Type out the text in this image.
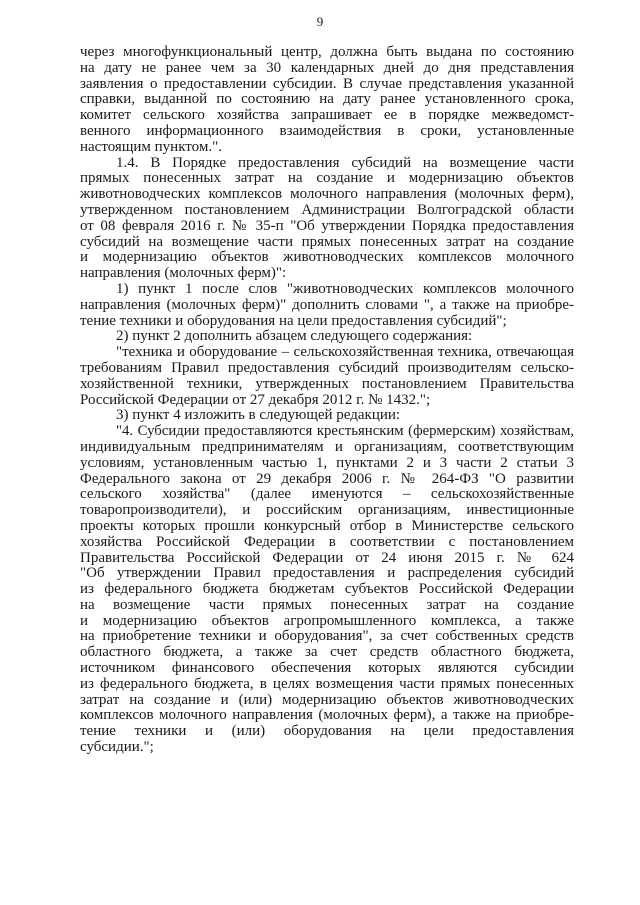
9
через многофункциональный центр, должна быть выдана по состоянию
на дату не ранее чем за 30 календарных дней до дня представления
заявления о предоставлении субсидии. В случае представления указанной
справки, выданной по состоянию на дату ранее установленного срока,
комитет сельского хозяйства запрашивает ее в порядке межведомст-
венного информационного взаимодействия в сроки, установленные
настоящим пунктом.".
1.4. В Порядке предоставления субсидий на возмещение части
прямых понесенных затрат на создание и модернизацию объектов
животноводческих комплексов молочного направления (молочных ферм),
утвержденном постановлением Администрации Волгоградской области
от 08 февраля 2016 г. № 35-п "Об утверждении Порядка предоставления
субсидий на возмещение части прямых понесенных затрат на создание
и модернизацию объектов животноводческих комплексов молочного
направления (молочных ферм)":
1) пункт 1 после слов "животноводческих комплексов молочного
направления (молочных ферм)" дополнить словами ", а также на приобре-
тение техники и оборудования на цели предоставления субсидий";
2) пункт 2 дополнить абзацем следующего содержания:
"техника и оборудование – сельскохозяйственная техника, отвечающая
требованиям Правил предоставления субсидий производителям сельско-
хозяйственной техники, утвержденных постановлением Правительства
Российской Федерации от 27 декабря 2012 г. № 1432.";
3) пункт 4 изложить в следующей редакции:
"4. Субсидии предоставляются крестьянским (фермерским) хозяйствам,
индивидуальным предпринимателям и организациям, соответствующим
условиям, установленным частью 1, пунктами 2 и 3 части 2 статьи 3
Федерального закона от 29 декабря 2006 г. № 264-ФЗ "О развитии
сельского хозяйства" (далее именуются – сельскохозяйственные
товаропроизводители), и российским организациям, инвестиционные
проекты которых прошли конкурсный отбор в Министерстве сельского
хозяйства Российской Федерации в соответствии с постановлением
Правительства Российской Федерации от 24 июня 2015 г. № 624
"Об утверждении Правил предоставления и распределения субсидий
из федерального бюджета бюджетам субъектов Российской Федерации
на возмещение части прямых понесенных затрат на создание
и модернизацию объектов агропромышленного комплекса, а также
на приобретение техники и оборудования", за счет собственных средств
областного бюджета, а также за счет средств областного бюджета,
источником финансового обеспечения которых являются субсидии
из федерального бюджета, в целях возмещения части прямых понесенных
затрат на создание и (или) модернизацию объектов животноводческих
комплексов молочного направления (молочных ферм), а также на приобре-
тение техники и (или) оборудования на цели предоставления
субсидии.";
